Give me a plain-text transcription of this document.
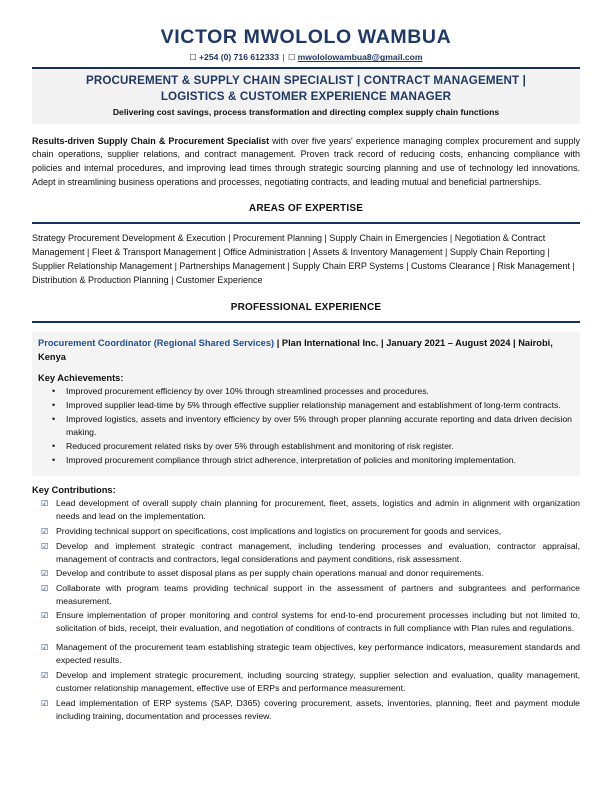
VICTOR MWOLOLO WAMBUA
☐ +254 (0) 716 612333 | ☐ mwololowambua8@gmail.com
PROCUREMENT & SUPPLY CHAIN SPECIALIST | CONTRACT MANAGEMENT |
LOGISTICS & CUSTOMER EXPERIENCE MANAGER
Delivering cost savings, process transformation and directing complex supply chain functions
Results-driven Supply Chain & Procurement Specialist with over five years' experience managing complex procurement and supply chain operations, supplier relations, and contract management. Proven track record of reducing costs, enhancing compliance with policies and internal procedures, and improving lead times through strategic sourcing planning and use of technology led innovations. Adept in streamlining business operations and processes, negotiating contracts, and leading mutual and beneficial partnerships.
AREAS OF EXPERTISE
Strategy Procurement Development & Execution | Procurement Planning | Supply Chain in Emergencies | Negotiation & Contract Management | Fleet & Transport Management | Office Administration | Assets & Inventory Management | Supply Chain Reporting | Supplier Relationship Management | Partnerships Management | Supply Chain ERP Systems | Customs Clearance | Risk Management | Distribution & Production Planning | Customer Experience
PROFESSIONAL EXPERIENCE
Procurement Coordinator (Regional Shared Services) | Plan International Inc. | January 2021 – August 2024 | Nairobi, Kenya
Key Achievements:
• Improved procurement efficiency by over 10% through streamlined processes and procedures.
• Improved supplier lead-time by 5% through effective supplier relationship management and establishment of long-term contracts.
• Improved logistics, assets and inventory efficiency by over 5% through proper planning accurate reporting and data driven decision making.
• Reduced procurement related risks by over 5% through establishment and monitoring of risk register.
• Improved procurement compliance through strict adherence, interpretation of policies and monitoring implementation.
Key Contributions:
☑ Lead development of overall supply chain planning for procurement, fleet, assets, logistics and admin in alignment with organization needs and lead on the implementation.
☑ Providing technical support on specifications, cost implications and logistics on procurement for goods and services,
☑ Develop and implement strategic contract management, including tendering processes and evaluation, contractor appraisal, management of contracts and contractors, legal considerations and payment conditions, risk assessment.
☑ Develop and contribute to asset disposal plans as per supply chain operations manual and donor requirements.
☑ Collaborate with program teams providing technical support in the assessment of partners and subgrantees and performance measurement.
☑ Ensure implementation of proper monitoring and control systems for end-to-end procurement processes including but not limited to, solicitation of bids, receipt, their evaluation, and negotiation of conditions of contracts in full compliance with Plan rules and regulations.
☑ Management of the procurement team establishing strategic team objectives, key performance indicators, measurement standards and expected results.
☑ Develop and implement strategic procurement, including sourcing strategy, supplier selection and evaluation, quality management, customer relationship management, effective use of ERPs and performance measurement.
☑ Lead implementation of ERP systems (SAP, D365) covering procurement, assets, inventories, planning, fleet and payment module including training, documentation and processes review.
